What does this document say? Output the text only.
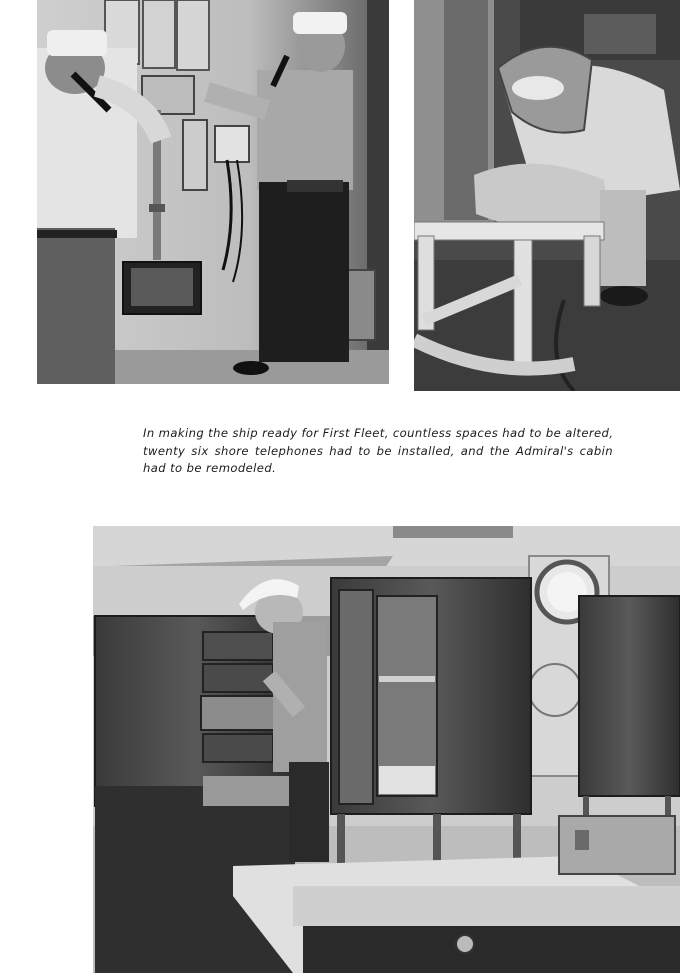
In making the ship ready for First Fleet, countless spaces had to be altered,
twenty six shore telephones had to be installed, and the Admiral's cabin
had to be remodeled.
